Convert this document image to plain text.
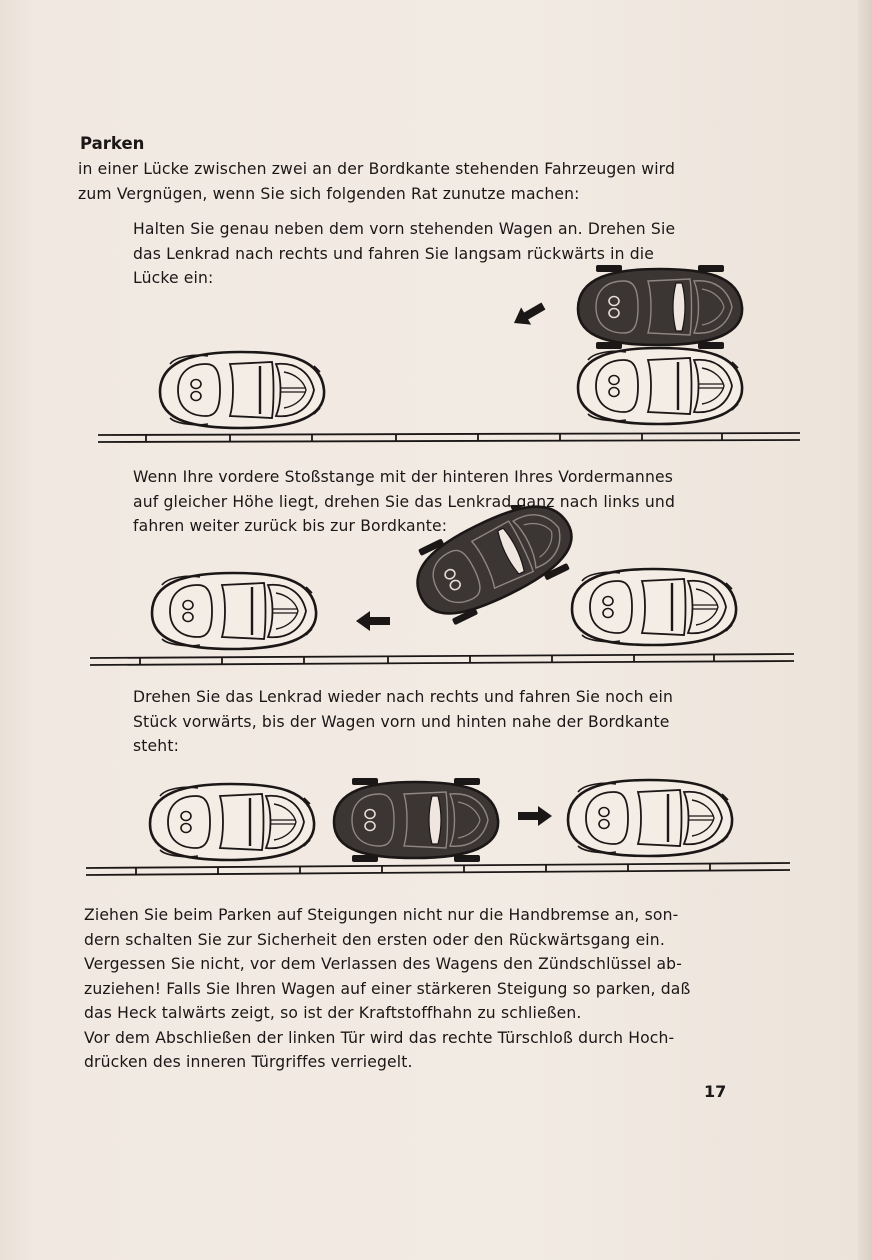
Parken

in einer Lücke zwischen zwei an der Bordkante stehenden Fahrzeugen wird
zum Vergnügen, wenn Sie sich folgenden Rat zunutze machen:

Halten Sie genau neben dem vorn stehenden Wagen an. Drehen Sie
das Lenkrad nach rechts und fahren Sie langsam rückwärts in die
Lücke ein:

Wenn Ihre vordere Stoßstange mit der hinteren Ihres Vordermannes
auf gleicher Höhe liegt, drehen Sie das Lenkrad ganz nach links und
fahren weiter zurück bis zur Bordkante:

Drehen Sie das Lenkrad wieder nach rechts und fahren Sie noch ein
Stück vorwärts, bis der Wagen vorn und hinten nahe der Bordkante
steht:

Ziehen Sie beim Parken auf Steigungen nicht nur die Handbremse an, son-
dern schalten Sie zur Sicherheit den ersten oder den Rückwärtsgang ein.
Vergessen Sie nicht, vor dem Verlassen des Wagens den Zündschlüssel ab-
zuziehen! Falls Sie Ihren Wagen auf einer stärkeren Steigung so parken, daß
das Heck talwärts zeigt, so ist der Kraftstoffhahn zu schließen.
Vor dem Abschließen der linken Tür wird das rechte Türschloß durch Hoch-
drücken des inneren Türgriffes verriegelt.

17
